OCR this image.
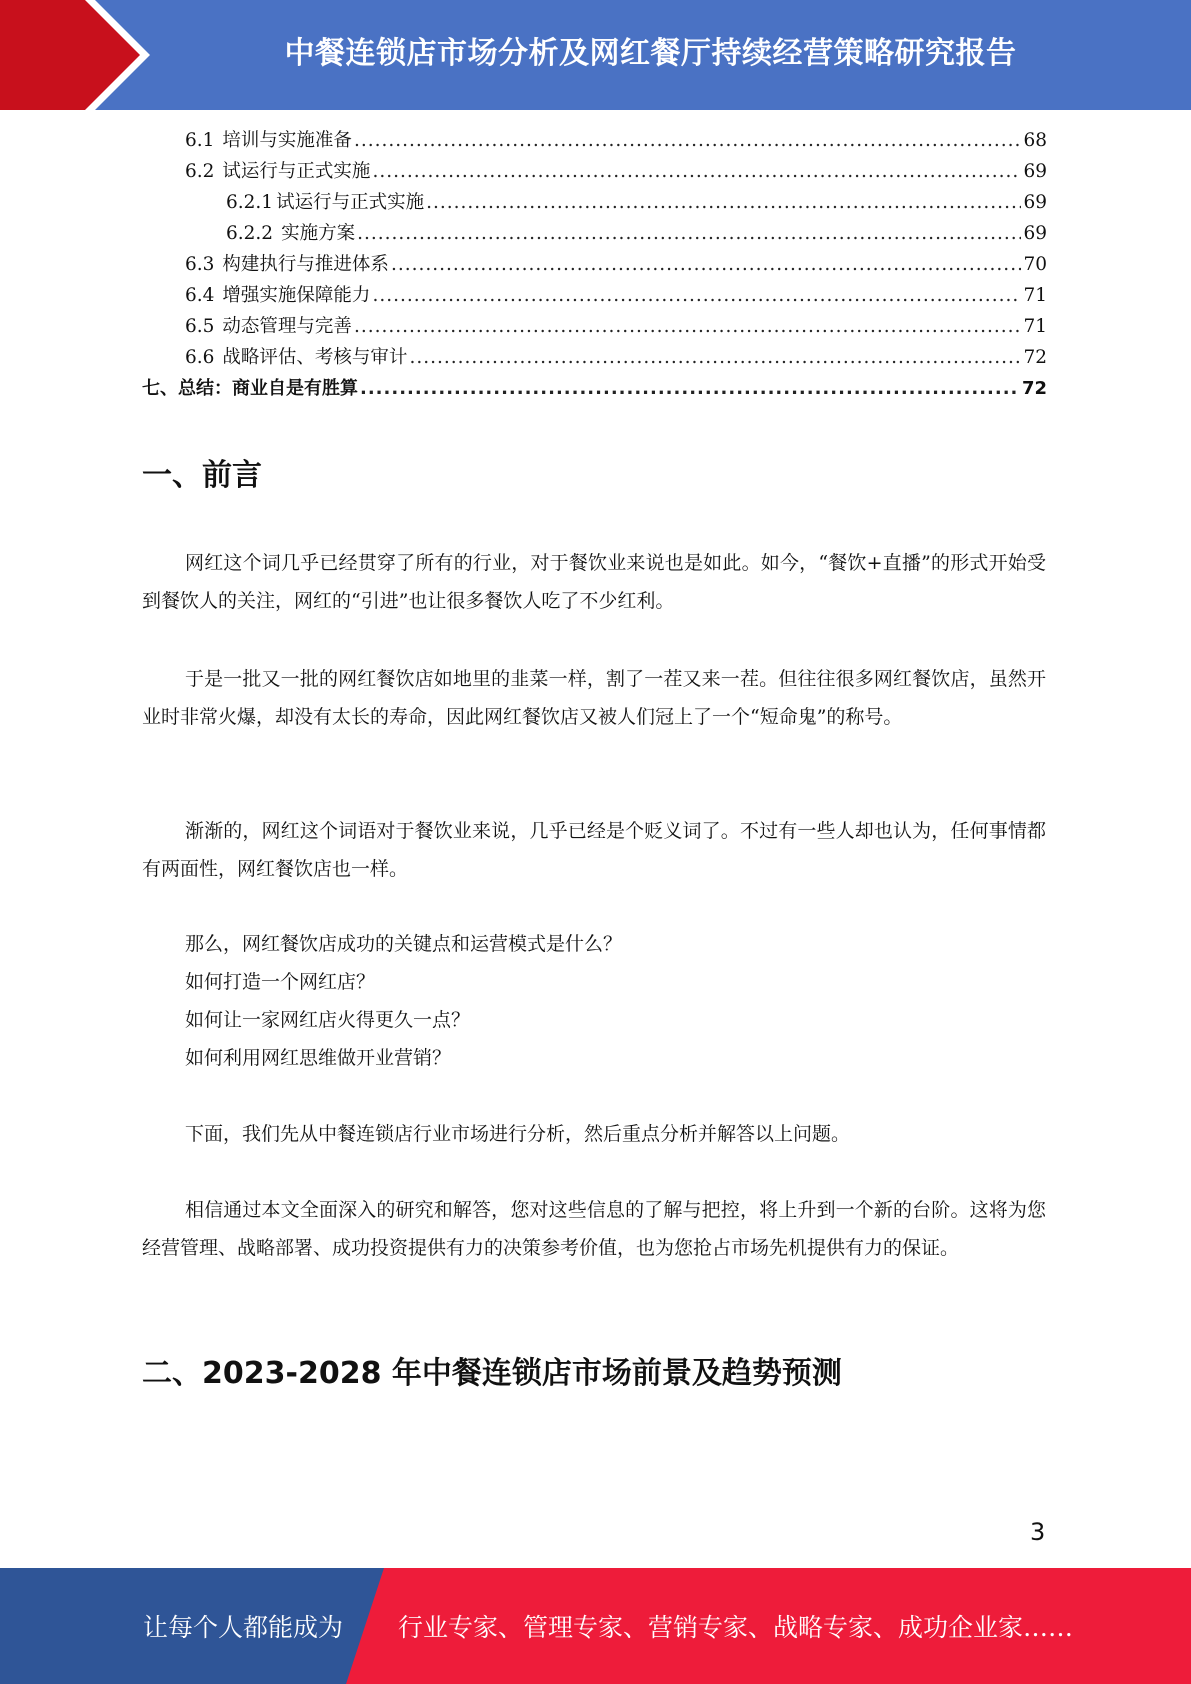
中餐连锁店市场分析及网红餐厅持续经营策略研究报告
6.1 培训与实施准备 .....	68
6.2 试运行与正式实施 .....	69
6.2.1 试运行与正式实施 .....	69
6.2.2 实施方案 .....	69
6.3 构建执行与推进体系 .....	70
6.4 增强实施保障能力 .....	71
6.5 动态管理与完善 .....	71
6.6 战略评估、考核与审计 .....	72
七、 总结：商业自是有胜算 .....	72
一、前言

网红这个词几乎已经贯穿了所有的行业，对于餐饮业来说也是如此。如今，“餐饮+直播”的形式开始受到餐饮人的关注，网红的“引进”也让很多餐饮人吃了不少红利。

于是一批又一批的网红餐饮店如地里的韭菜一样，割了一茬又来一茬。但往往很多网红餐饮店，虽然开业时非常火爆，却没有太长的寿命，因此网红餐饮店又被人们冠上了一个“短命鬼”的称号。

渐渐的，网红这个词语对于餐饮业来说，几乎已经是个贬义词了。不过有一些人却也认为，任何事情都有两面性，网红餐饮店也一样。

那么，网红餐饮店成功的关键点和运营模式是什么？
如何打造一个网红店？
如何让一家网红店火得更久一点？
如何利用网红思维做开业营销？

下面，我们先从中餐连锁店行业市场进行分析，然后重点分析并解答以上问题。

相信通过本文全面深入的研究和解答，您对这些信息的了解与把控，将上升到一个新的台阶。这将为您经营管理、战略部署、成功投资提供有力的决策参考价值，也为您抢占市场先机提供有力的保证。

二、2023-2028 年中餐连锁店市场前景及趋势预测
3
让每个人都能成为 行业专家、管理专家、营销专家、战略专家、成功企业家……
